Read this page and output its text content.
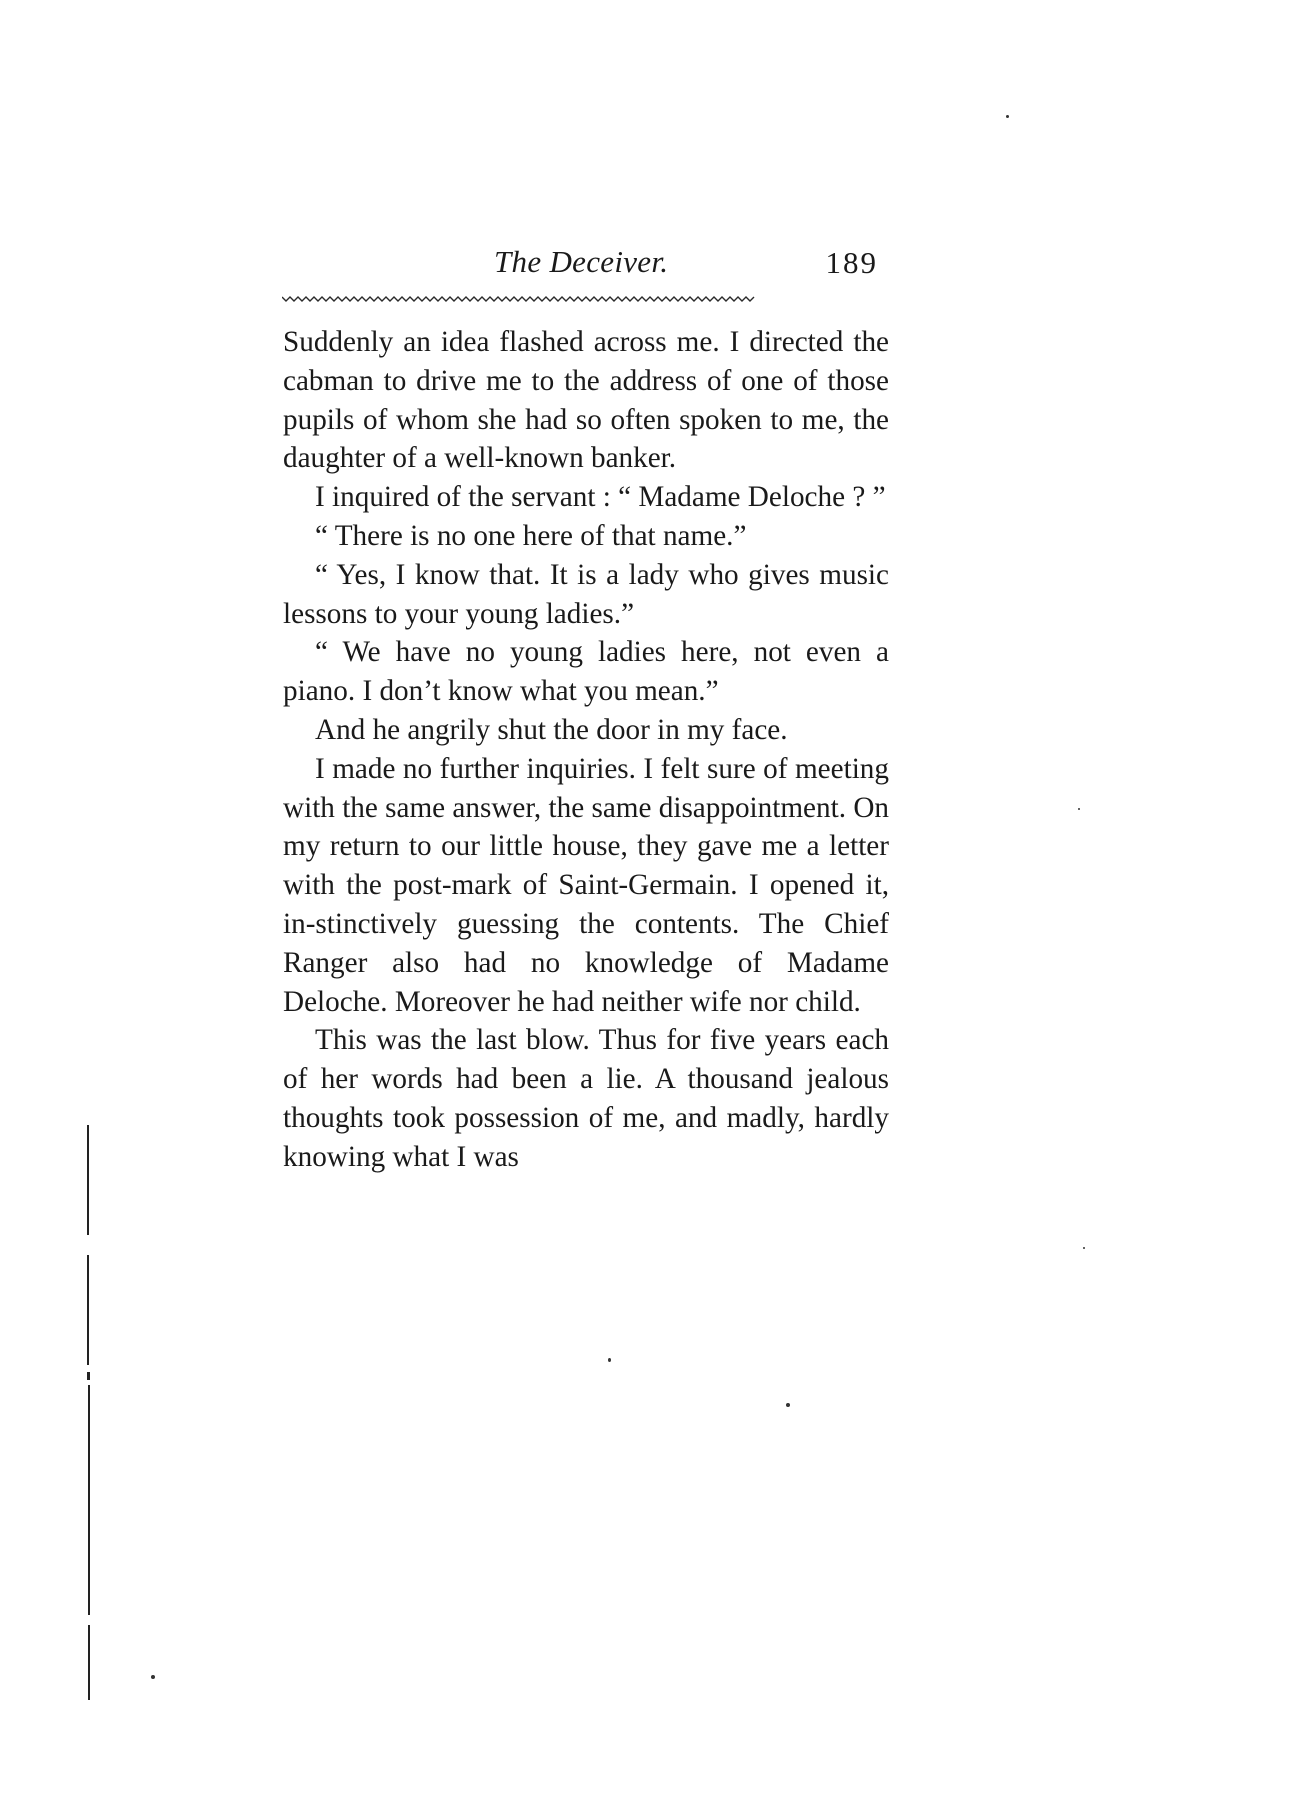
The Deceiver.	189

Suddenly an idea flashed across me. I directed the cabman to drive me to the address of one of those pupils of whom she had so often spoken to me, the daughter of a well-known banker.

I inquired of the servant : “ Madame Deloche ? ”

“ There is no one here of that name.”

“ Yes, I know that. It is a lady who gives music lessons to your young ladies.”

“ We have no young ladies here, not even a piano. I don’t know what you mean.”

And he angrily shut the door in my face.

I made no further inquiries. I felt sure of meeting with the same answer, the same disappointment. On my return to our little house, they gave me a letter with the post-mark of Saint-Germain. I opened it, in-stinctively guessing the contents. The Chief Ranger also had no knowledge of Madame Deloche. Moreover he had neither wife nor child.

This was the last blow. Thus for five years each of her words had been a lie. A thousand jealous thoughts took possession of me, and madly, hardly knowing what I was
